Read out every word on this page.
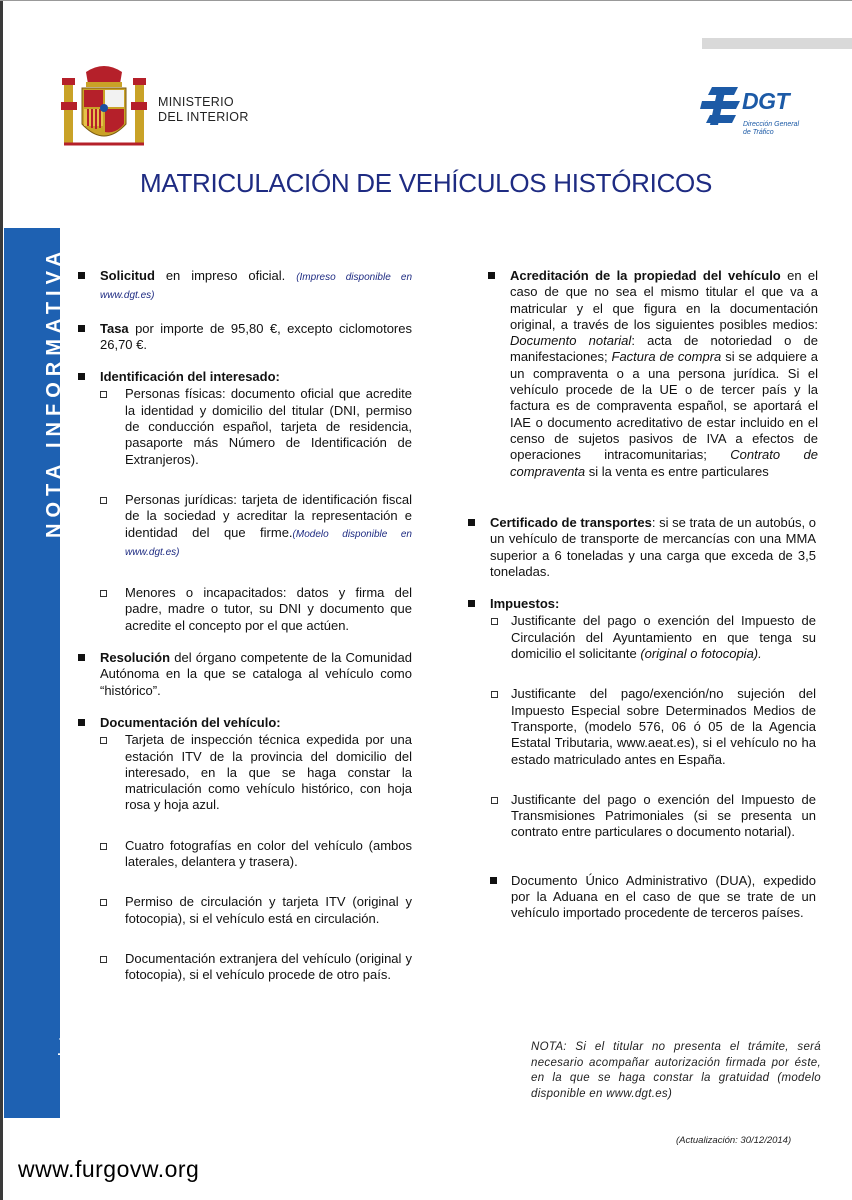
MINISTERIO
DEL INTERIOR
DGT
Dirección General
de Tráfico
MATRICULACIÓN DE VEHÍCULOS HISTÓRICOS
NOTA INFORMATIVA
www.dgt.es
Solicitud en impreso oficial. (Impreso disponible en www.dgt.es)
Tasa por importe de 95,80 €, excepto ciclomotores 26,70 €.
Identificación del interesado:
Personas físicas: documento oficial que acredite la identidad y domicilio del titular (DNI, permiso de conducción español, tarjeta de residencia, pasaporte más Número de Identificación de Extranjeros).
Personas jurídicas: tarjeta de identificación fiscal de la sociedad y acreditar la representación e identidad del que firme.(Modelo disponible en www.dgt.es)
Menores o incapacitados: datos y firma del padre, madre o tutor, su DNI y documento que acredite el concepto por el que actúen.
Resolución del órgano competente de la Comunidad Autónoma en la que se cataloga al vehículo como “histórico”.
Documentación del vehículo:
Tarjeta de inspección técnica expedida por una estación ITV de la provincia del domicilio del interesado, en la que se haga constar la matriculación como vehículo histórico, con hoja rosa y hoja azul.
Cuatro fotografías en color del vehículo (ambos laterales, delantera y trasera).
Permiso de circulación y tarjeta ITV (original y fotocopia), si el vehículo está en circulación.
Documentación extranjera del vehículo (original y fotocopia), si el vehículo procede de otro país.
Acreditación de la propiedad del vehículo en el caso de que no sea el mismo titular el que va a matricular y el que figura en la documentación original, a través de los siguientes posibles medios: Documento notarial: acta de notoriedad o de manifestaciones; Factura de compra si se adquiere a un compraventa o a una persona jurídica. Si el vehículo procede de la UE o de tercer país y la factura es de compraventa español, se aportará el IAE o documento acreditativo de estar incluido en el censo de sujetos pasivos de IVA a efectos de operaciones intracomunitarias; Contrato de compraventa si la venta es entre particulares
Certificado de transportes: si se trata de un autobús, o un vehículo de transporte de mercancías con una MMA superior a 6 toneladas y una carga que exceda de 3,5 toneladas.
Impuestos:
Justificante del pago o exención del Impuesto de Circulación del Ayuntamiento en que tenga su domicilio el solicitante (original o fotocopia).
Justificante del pago/exención/no sujeción del Impuesto Especial sobre Determinados Medios de Transporte, (modelo 576, 06 ó 05 de la Agencia Estatal Tributaria, www.aeat.es), si el vehículo no ha estado matriculado antes en España.
Justificante del pago o exención del Impuesto de Transmisiones Patrimoniales (si se presenta un contrato entre particulares o documento notarial).
Documento Único Administrativo (DUA), expedido por la Aduana en el caso de que se trate de un vehículo importado procedente de terceros países.
NOTA: Si el titular no presenta el trámite, será necesario acompañar autorización firmada por éste, en la que se haga constar la gratuidad (modelo disponible en www.dgt.es)
(Actualización: 30/12/2014)
www.furgovw.org
